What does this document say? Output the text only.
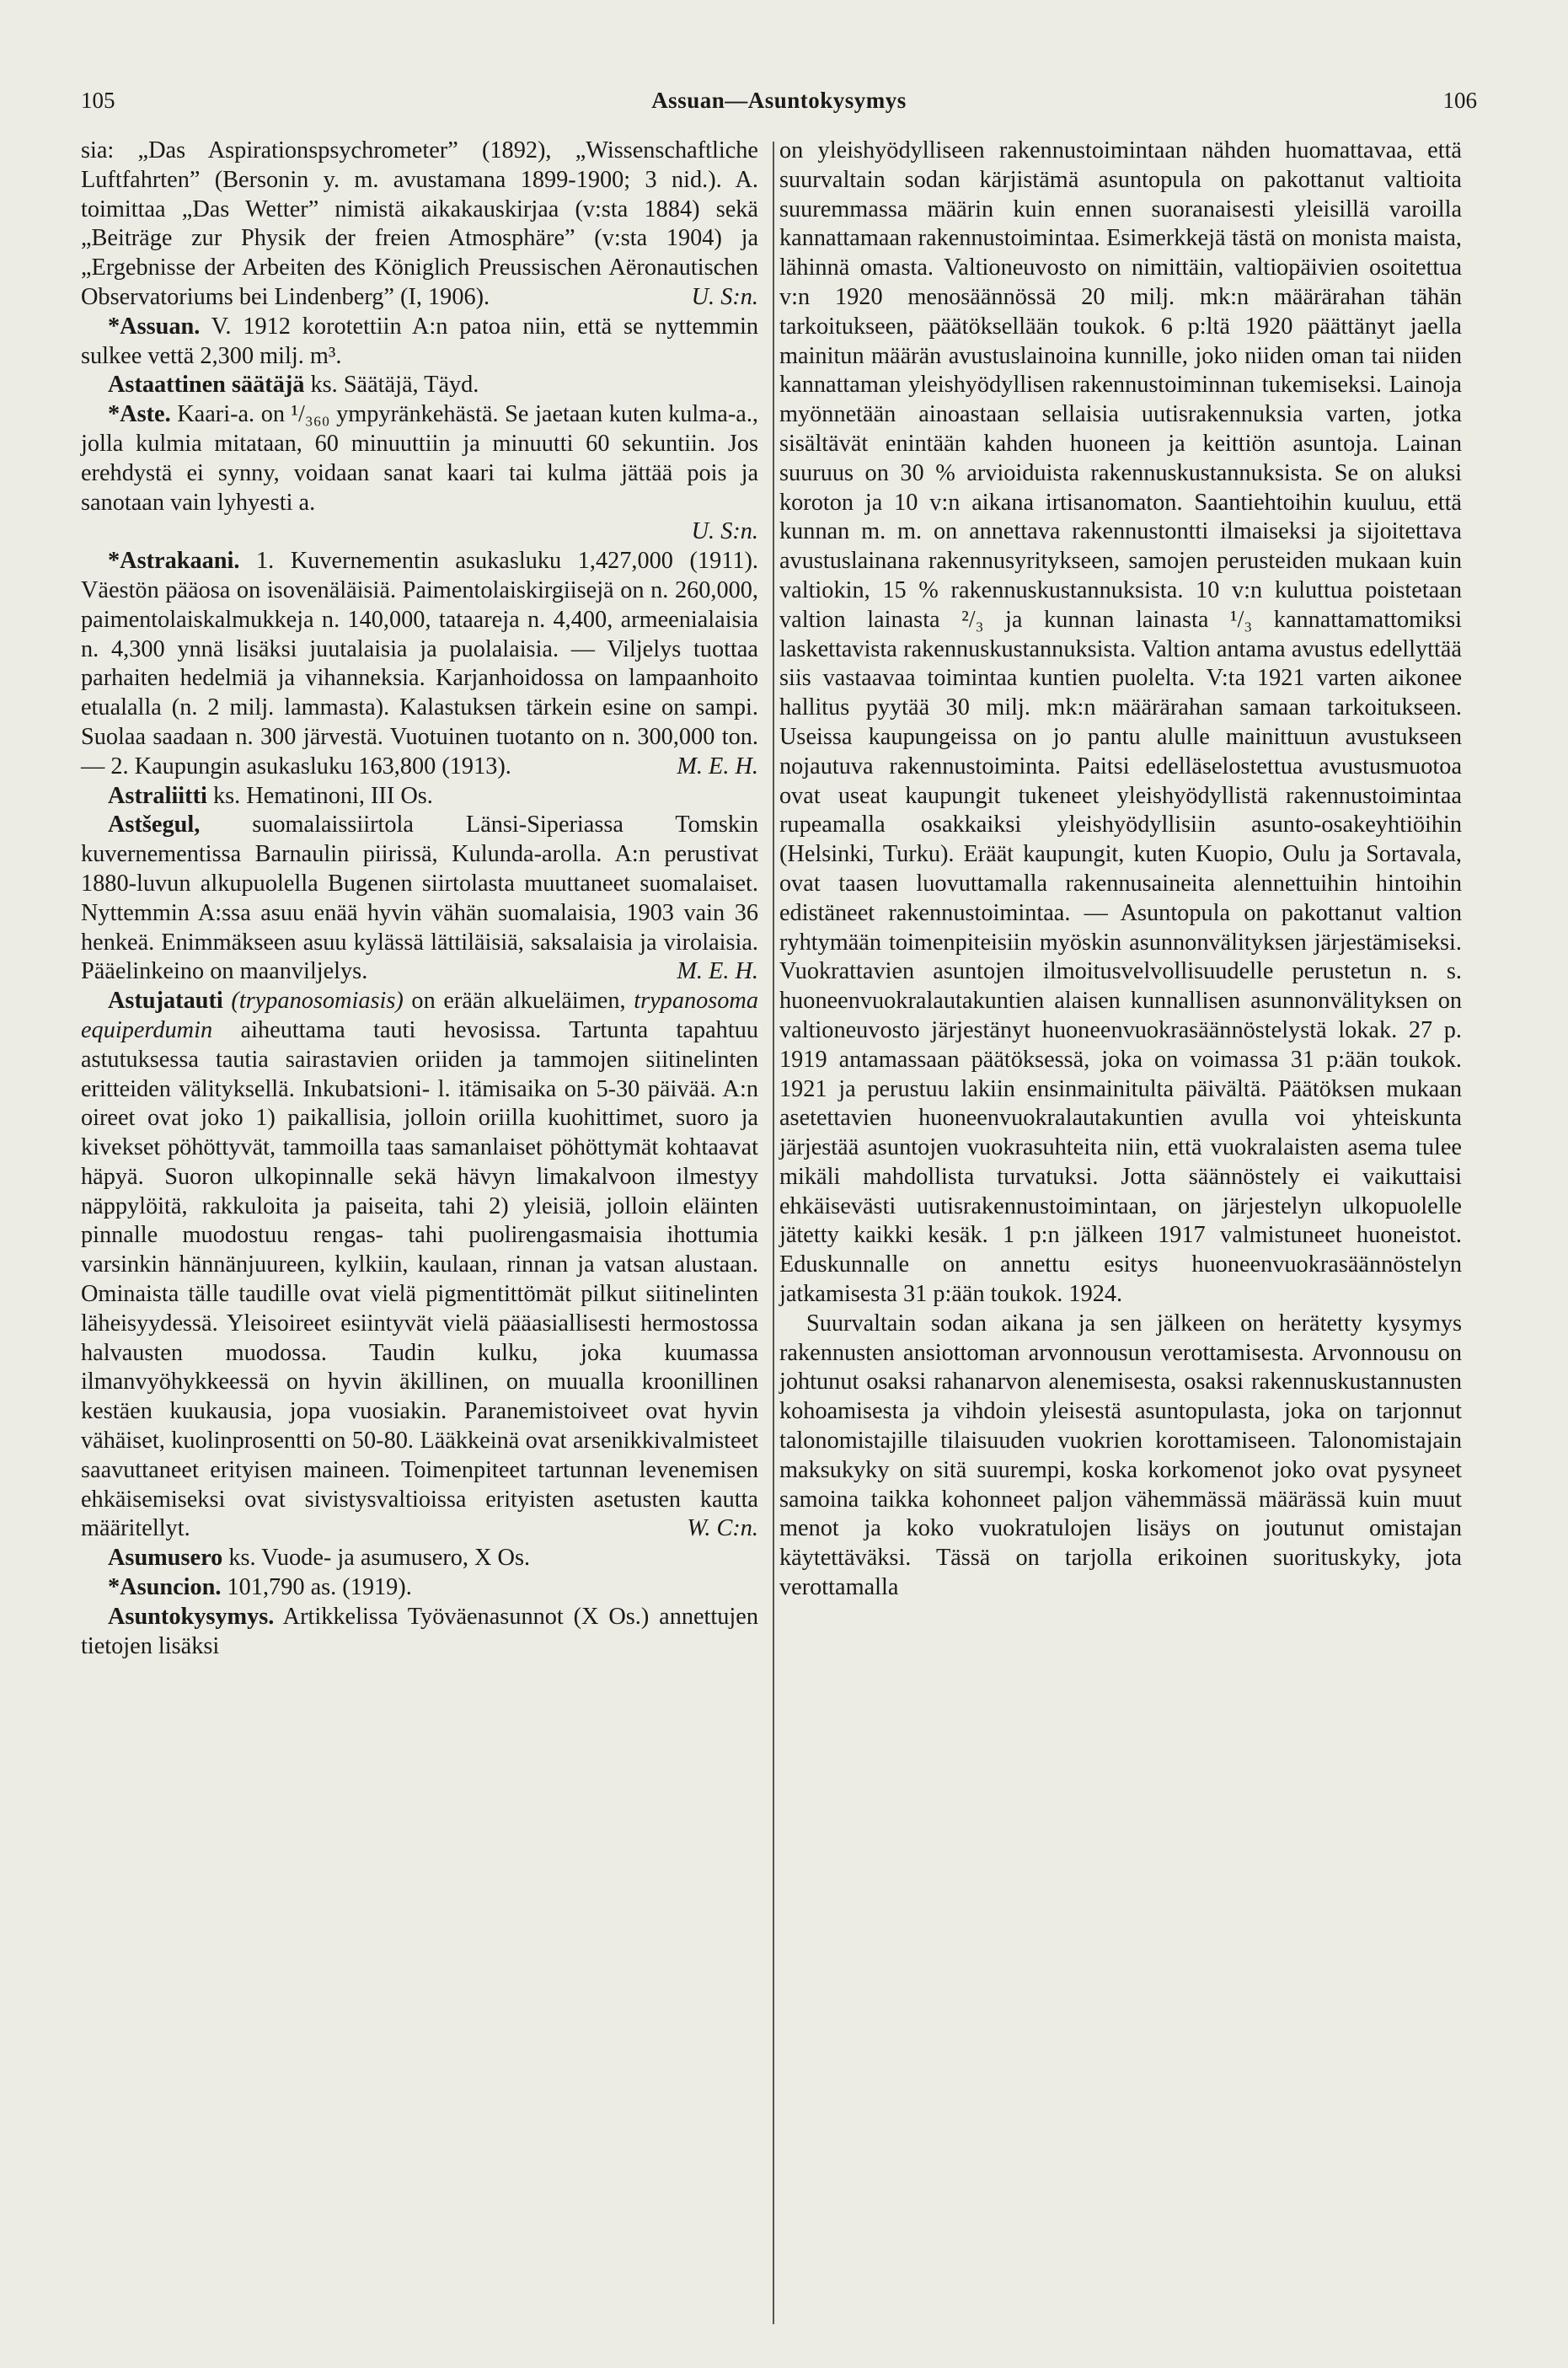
105	Assuan—Asuntokysymys	106

sia: „Das Aspirationspsychrometer” (1892), „Wissenschaftliche Luftfahrten” (Bersonin y. m. avustamana 1899-1900; 3 nid.). A. toimittaa „Das Wetter” nimistä aikakauskirjaa (v:sta 1884) sekä „Beiträge zur Physik der freien Atmosphäre” (v:sta 1904) ja „Ergebnisse der Arbeiten des Königlich Preussischen Aëronautischen Observatoriums bei Lindenberg” (I, 1906).	U. S:n.

*Assuan. V. 1912 korotettiin A:n patoa niin, että se nyttemmin sulkee vettä 2,300 milj. m³.

Astaattinen säätäjä ks. Säätäjä, Täyd.

*Aste. Kaari-a. on ¹/₃₆₀ ympyränkehästä. Se jaetaan kuten kulma-a., jolla kulmia mitataan, 60 minuuttiin ja minuutti 60 sekuntiin. Jos erehdystä ei synny, voidaan sanat kaari tai kulma jättää pois ja sanotaan vain lyhyesti a.
U. S:n.

*Astrakaani. 1. Kuvernementin asukasluku 1,427,000 (1911). Väestön pääosa on isovenäläisiä. Paimentolaiskirgiisejä on n. 260,000, paimentolaiskalmukkeja n. 140,000, tataareja n. 4,400, armeenialaisia n. 4,300 ynnä lisäksi juutalaisia ja puolalaisia. — Viljelys tuottaa parhaiten hedelmiä ja vihanneksia. Karjanhoidossa on lampaanhoito etualalla (n. 2 milj. lammasta). Kalastuksen tärkein esine on sampi. Suolaa saadaan n. 300 järvestä. Vuotuinen tuotanto on n. 300,000 ton. — 2. Kaupungin asukasluku 163,800 (1913).	M. E. H.

Astraliitti ks. Hematinoni, III Os.

Astšegul, suomalaissiirtola Länsi-Siperiassa Tomskin kuvernementissa Barnaulin piirissä, Kulunda-arolla. A:n perustivat 1880-luvun alkupuolella Bugenen siirtolasta muuttaneet suomalaiset. Nyttemmin A:ssa asuu enää hyvin vähän suomalaisia, 1903 vain 36 henkeä. Enimmäkseen asuu kylässä lättiläisiä, saksalaisia ja virolaisia. Pääelinkeino on maanviljelys.	M. E. H.

Astujatauti (trypanosomiasis) on erään alkueläimen, trypanosoma equiperdumin aiheuttama tauti hevosissa. Tartunta tapahtuu astutuksessa tautia sairastavien oriiden ja tammojen siitinelinten eritteiden välityksellä. Inkubatsioni- l. itämisaika on 5-30 päivää. A:n oireet ovat joko 1) paikallisia, jolloin oriilla kuohittimet, suoro ja kivekset pöhöttyvät, tammoilla taas samanlaiset pöhöttymät kohtaavat häpyä. Suoron ulkopinnalle sekä hävyn limakalvoon ilmestyy näppylöitä, rakkuloita ja paiseita, tahi 2) yleisiä, jolloin eläinten pinnalle muodostuu rengas- tahi puolirengasmaisia ihottumia varsinkin hännänjuureen, kylkiin, kaulaan, rinnan ja vatsan alustaan. Ominaista tälle taudille ovat vielä pigmentittömät pilkut siitinelinten läheisyydessä. Yleisoireet esiintyvät vielä pääasiallisesti hermostossa halvausten muodossa. Taudin kulku, joka kuumassa ilmanvyöhykkeessä on hyvin äkillinen, on muualla kroonillinen kestäen kuukausia, jopa vuosiakin. Paranemistoiveet ovat hyvin vähäiset, kuolinprosentti on 50-80. Lääkkeinä ovat arsenikkivalmisteet saavuttaneet erityisen maineen. Toimenpiteet tartunnan levenemisen ehkäisemiseksi ovat sivistysvaltioissa erityisten asetusten kautta määritellyt.	W. C:n.

Asumusero ks. Vuode- ja asumusero, X Os.

*Asuncion. 101,790 as. (1919).

Asuntokysymys. Artikkelissa Työväenasunnot (X Os.) annettujen tietojen lisäksi

on yleishyödylliseen rakennustoimintaan nähden huomattavaa, että suurvaltain sodan kärjistämä asuntopula on pakottanut valtioita suuremmassa määrin kuin ennen suoranaisesti yleisillä varoilla kannattamaan rakennustoimintaa. Esimerkkejä tästä on monista maista, lähinnä omasta. Valtioneuvosto on nimittäin, valtiopäivien osoitettua v:n 1920 menosäännössä 20 milj. mk:n määrärahan tähän tarkoitukseen, päätöksellään toukok. 6 p:ltä 1920 päättänyt jaella mainitun määrän avustuslainoina kunnille, joko niiden oman tai niiden kannattaman yleishyödyllisen rakennustoiminnan tukemiseksi. Lainoja myönnetään ainoastaan sellaisia uutisrakennuksia varten, jotka sisältävät enintään kahden huoneen ja keittiön asuntoja. Lainan suuruus on 30 % arvioiduista rakennuskustannuksista. Se on aluksi koroton ja 10 v:n aikana irtisanomaton. Saantiehtoihin kuuluu, että kunnan m. m. on annettava rakennustontti ilmaiseksi ja sijoitettava avustuslainana rakennusyritykseen, samojen perusteiden mukaan kuin valtiokin, 15 % rakennuskustannuksista. 10 v:n kuluttua poistetaan valtion lainasta ²/₃ ja kunnan lainasta ¹/₃ kannattamattomiksi laskettavista rakennuskustannuksista. Valtion antama avustus edellyttää siis vastaavaa toimintaa kuntien puolelta. V:ta 1921 varten aikonee hallitus pyytää 30 milj. mk:n määrärahan samaan tarkoitukseen. Useissa kaupungeissa on jo pantu alulle mainittuun avustukseen nojautuva rakennustoiminta. Paitsi edelläselostettua avustusmuotoa ovat useat kaupungit tukeneet yleishyödyllistä rakennustoimintaa rupeamalla osakkaiksi yleishyödyllisiin asunto-osakeyhtiöihin (Helsinki, Turku). Eräät kaupungit, kuten Kuopio, Oulu ja Sortavala, ovat taasen luovuttamalla rakennusaineita alennettuihin hintoihin edistäneet rakennustoimintaa. — Asuntopula on pakottanut valtion ryhtymään toimenpiteisiin myöskin asunnonvälityksen järjestämiseksi. Vuokrattavien asuntojen ilmoitusvelvollisuudelle perustetun n. s. huoneenvuokralautakuntien alaisen kunnallisen asunnonvälityksen on valtioneuvosto järjestänyt huoneenvuokrasäännöstelystä lokak. 27 p. 1919 antamassaan päätöksessä, joka on voimassa 31 p:ään toukok. 1921 ja perustuu lakiin ensinmainitulta päivältä. Päätöksen mukaan asetettavien huoneenvuokralautakuntien avulla voi yhteiskunta järjestää asuntojen vuokrasuhteita niin, että vuokralaisten asema tulee mikäli mahdollista turvatuksi. Jotta säännöstely ei vaikuttaisi ehkäisevästi uutisrakennustoimintaan, on järjestelyn ulkopuolelle jätetty kaikki kesäk. 1 p:n jälkeen 1917 valmistuneet huoneistot. Eduskunnalle on annettu esitys huoneenvuokrasäännöstelyn jatkamisesta 31 p:ään toukok. 1924.

Suurvaltain sodan aikana ja sen jälkeen on herätetty kysymys rakennusten ansiottoman arvonnousun verottamisesta. Arvonnousu on johtunut osaksi rahanarvon alenemisesta, osaksi rakennuskustannusten kohoamisesta ja vihdoin yleisestä asuntopulasta, joka on tarjonnut talonomistajille tilaisuuden vuokrien korottamiseen. Talonomistajain maksukyky on sitä suurempi, koska korkomenot joko ovat pysyneet samoina taikka kohonneet paljon vähemmässä määrässä kuin muut menot ja koko vuokratulojen lisäys on joutunut omistajan käytettäväksi. Tässä on tarjolla erikoinen suorituskyky, jota verottamalla
